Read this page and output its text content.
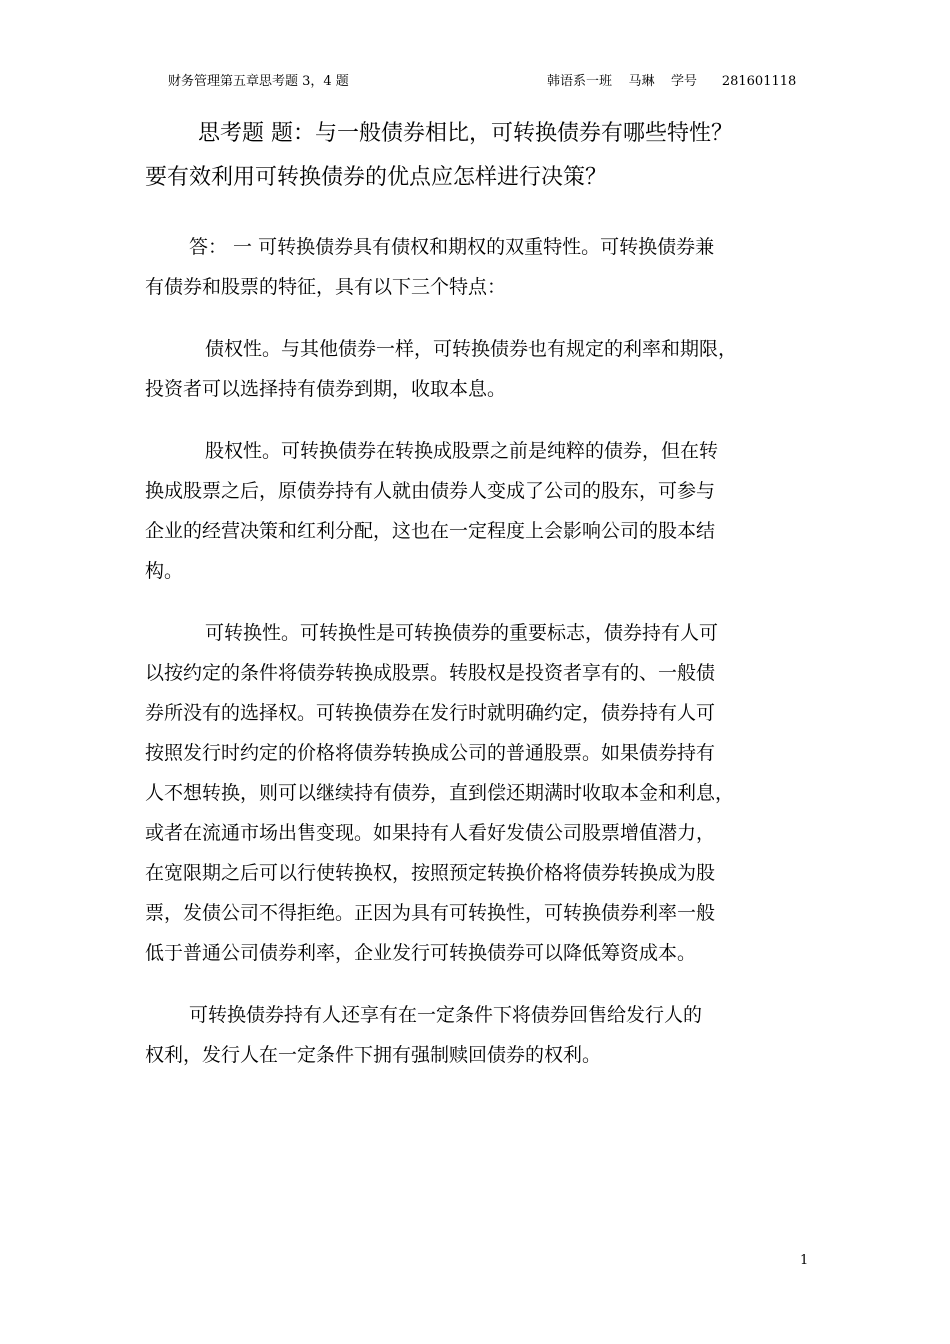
财务管理第五章思考题 3，4 题	韩语系一班    马琳    学号      281601118
思考题 题：与一般债券相比，可转换债券有哪些特性？
要有效利用可转换债券的优点应怎样进行决策？
答： 一 可转换债券具有债权和期权的双重特性。可转换债券兼
有债券和股票的特征，具有以下三个特点：
债权性。与其他债券一样，可转换债券也有规定的利率和期限，
投资者可以选择持有债券到期，收取本息。
股权性。可转换债券在转换成股票之前是纯粹的债券，但在转
换成股票之后，原债券持有人就由债券人变成了公司的股东，可参与
企业的经营决策和红利分配，这也在一定程度上会影响公司的股本结
构。
可转换性。可转换性是可转换债券的重要标志，债券持有人可
以按约定的条件将债券转换成股票。转股权是投资者享有的、一般债
券所没有的选择权。可转换债券在发行时就明确约定，债券持有人可
按照发行时约定的价格将债券转换成公司的普通股票。如果债券持有
人不想转换，则可以继续持有债券，直到偿还期满时收取本金和利息，
或者在流通市场出售变现。如果持有人看好发债公司股票增值潜力，
在宽限期之后可以行使转换权，按照预定转换价格将债券转换成为股
票，发债公司不得拒绝。正因为具有可转换性，可转换债券利率一般
低于普通公司债券利率，企业发行可转换债券可以降低筹资成本。
可转换债券持有人还享有在一定条件下将债券回售给发行人的
权利，发行人在一定条件下拥有强制赎回债券的权利。
1
